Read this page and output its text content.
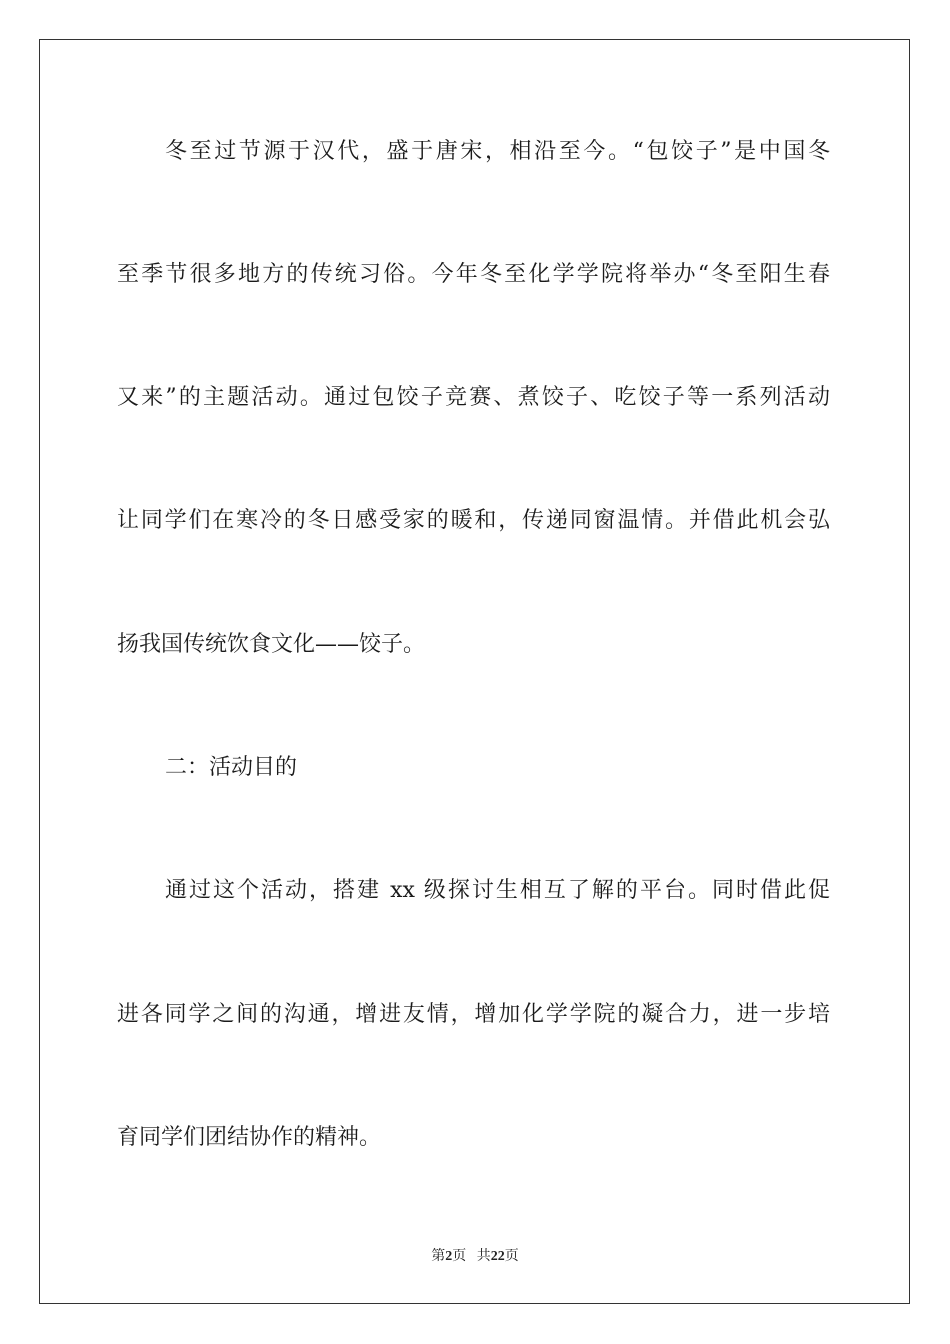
冬至过节源于汉代，盛于唐宋，相沿至今。“包饺子”是中国冬
至季节很多地方的传统习俗。今年冬至化学学院将举办“冬至阳生春
又来”的主题活动。通过包饺子竞赛、煮饺子、吃饺子等一系列活动
让同学们在寒冷的冬日感受家的暖和，传递同窗温情。并借此机会弘
扬我国传统饮食文化——饺子。
二：活动目的
通过这个活动，搭建 xx 级探讨生相互了解的平台。同时借此促
进各同学之间的沟通，增进友情，增加化学学院的凝合力，进一步培
育同学们团结协作的精神。
第2页 共22页
